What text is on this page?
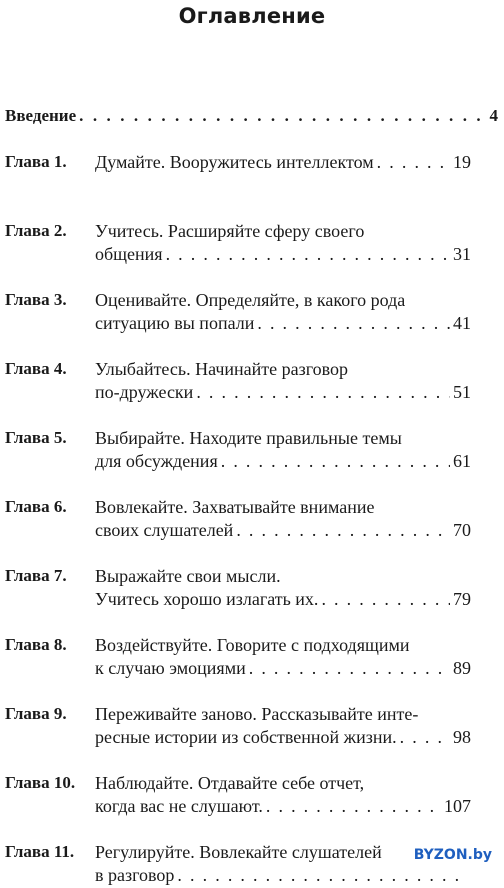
Оглавление
Введение . . .	4
Глава 1. Думайте. Вооружитесь интеллектом . . .	19
Глава 2. Учитесь. Расширяйте сферу своего
общения . . .	31
Глава 3. Оценивайте. Определяйте, в какого рода
ситуацию вы попали . . .	41
Глава 4. Улыбайтесь. Начинайте разговор
по-дружески . . .	51
Глава 5. Выбирайте. Находите правильные темы
для обсуждения . . .	61
Глава 6. Вовлекайте. Захватывайте внимание
своих слушателей . . .	70
Глава 7. Выражайте свои мысли.
Учитесь хорошо излагать их. . . .	79
Глава 8. Воздействуйте. Говорите с подходящими
к случаю эмоциями . . .	89
Глава 9. Переживайте заново. Рассказывайте инте-
ресные истории из собственной жизни. . . .	98
Глава 10. Наблюдайте. Отдавайте себе отчет,
когда вас не слушают. . . .	107
Глава 11. Регулируйте. Вовлекайте слушателей
в разговор
. . .
BYZON.by
